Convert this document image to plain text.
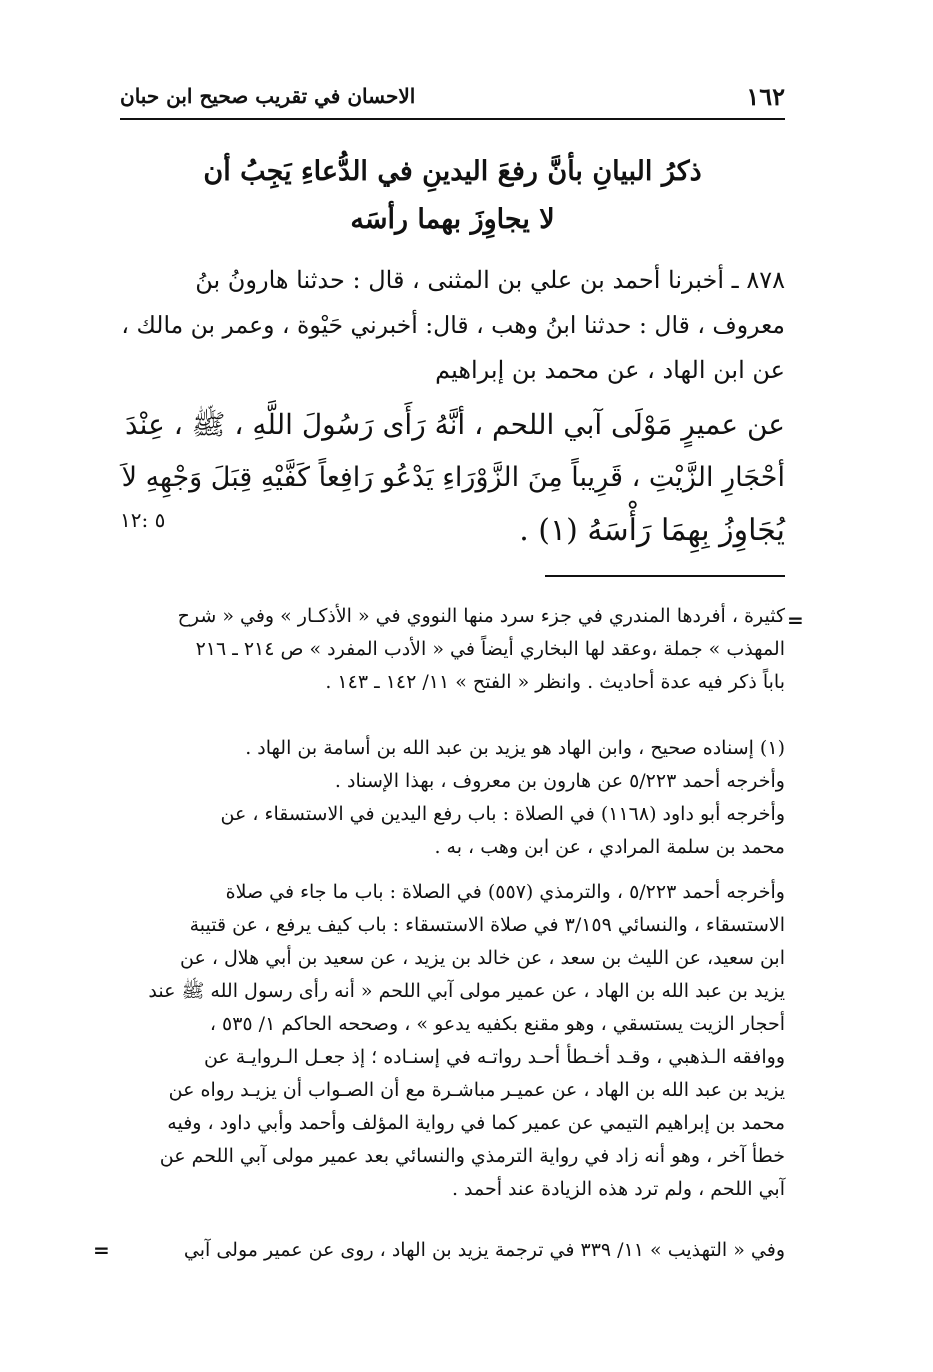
١٦٢
الاحسان في تقريب صحيح ابن حبان
ذكرُ البيانِ بأنَّ رفعَ اليدينِ في الدُّعاءِ يَجِبُ أن
لا يجاوِزَ بهما رأسَه
٨٧٨ ـ أخبرنا أحمد بن علي بن المثنى ، قال : حدثنا هارونُ بنُ
معروف ، قال : حدثنا ابنُ وهب ، قال: أخبرني حَيْوة ، وعمر بن مالك ،
عن ابن الهاد ، عن محمد بن إبراهيم
عن عميرٍ مَوْلَى آبي اللحم ، أنَّهُ رَأَى رَسُولَ اللَّهِ ، ﷺ ، عِنْدَ
أحْجَارِ الزَّيْتِ ، قَرِيباً مِنَ الزَّوْرَاءِ يَدْعُو رَافِعاً كَفَّيْهِ قِبَلَ وَجْهِهِ لاَ
يُجَاوِزُ بِهِمَا رَأْسَهُ (١) .
٥ :١٢
=
كثيرة ، أفردها المندري في جزء سرد منها النووي في « الأذكـار » وفي « شرح
المهذب » جملة ،وعقد لها البخاري أيضاً في « الأدب المفرد » ص ٢١٤ ـ ٢١٦
باباً ذكر فيه عدة أحاديث . وانظر « الفتح » ١١/ ١٤٢ ـ ١٤٣ .
(١) إسناده صحيح ، وابن الهاد هو يزيد بن عبد الله بن أسامة بن الهاد .
وأخرجه أحمد ٥/٢٢٣ عن هارون بن معروف ، بهذا الإسناد .
وأخرجه أبو داود (١١٦٨) في الصلاة : باب رفع اليدين في الاستسقاء ، عن
محمد بن سلمة المرادي ، عن ابن وهب ، به .
وأخرجه أحمد ٥/٢٢٣ ، والترمذي (٥٥٧) في الصلاة : باب ما جاء في صلاة
الاستسقاء ، والنسائي ٣/١٥٩ في صلاة الاستسقاء : باب كيف يرفع ، عن قتيبة
ابن سعيد، عن الليث بن سعد ، عن خالد بن يزيد ، عن سعيد بن أبي هلال ، عن
يزيد بن عبد الله بن الهاد ، عن عمير مولى آبي اللحم « أنه رأى رسول الله ﷺ عند
أحجار الزيت يستسقي ، وهو مقنع بكفيه يدعو » ، وصححه الحاكم ١/ ٥٣٥ ،
ووافقه الـذهبي ، وقـد أخـطأ أحـد رواتـه في إسنـاده ؛ إذ جعـل الـروايـة عن
يزيد بن عبد الله بن الهاد ، عن عميـر مباشـرة مع أن الصـواب أن يزيـد رواه عن
محمد بن إبراهيم التيمي عن عمير كما في رواية المؤلف وأحمد وأبي داود ، وفيه
خطأ آخر ، وهو أنه زاد في رواية الترمذي والنسائي بعد عمير مولى آبي اللحم عن
آبي اللحم ، ولم ترد هذه الزيادة عند أحمد .
وفي « التهذيب » ١١/ ٣٣٩ في ترجمة يزيد بن الهاد ، روى عن عمير مولى آبي
=
